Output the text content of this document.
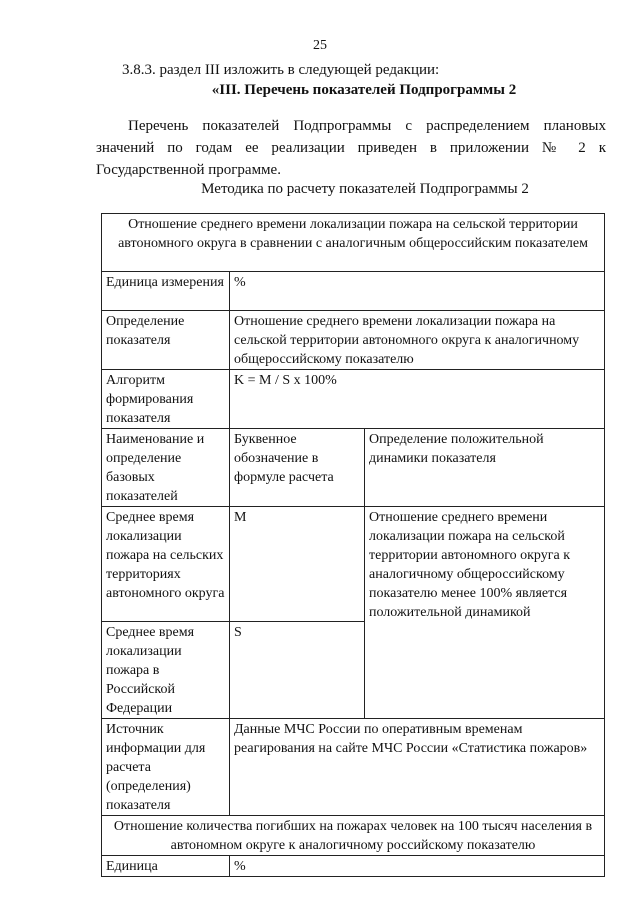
25
3.8.3. раздел III изложить в следующей редакции:
«III. Перечень показателей Подпрограммы 2

Перечень показателей Подпрограммы с распределением плановых значений по годам ее реализации приведен в приложении № 2 к Государственной программе.

Методика по расчету показателей Подпрограммы 2
Отношение среднего времени локализации пожара на сельской территории автономного округа в сравнении с аналогичным общероссийским показателем		
Единица измерения	%	
Определение показателя	Отношение среднего времени локализации пожара на сельской территории автономного округа к аналогичному общероссийскому показателю	
Алгоритм формирования показателя	K = M / S x 100%	
Наименование и определение базовых показателей	Буквенное обозначение в формуле расчета	Определение положительной динамики показателя
Среднее время локализации пожара на сельских территориях автономного округа	M	Отношение среднего времени локализации пожара на сельской территории автономного округа к аналогичному общероссийскому показателю менее 100% является положительной динамикой
Среднее время локализации пожара в Российской Федерации	S	
Источник информации для расчета (определения) показателя	Данные МЧС России по оперативным временам реагирования на сайте МЧС России «Статистика пожаров»	
Отношение количества погибших на пожарах человек на 100 тысяч населения в автономном округе к аналогичному российскому показателю		
Единица	%	
